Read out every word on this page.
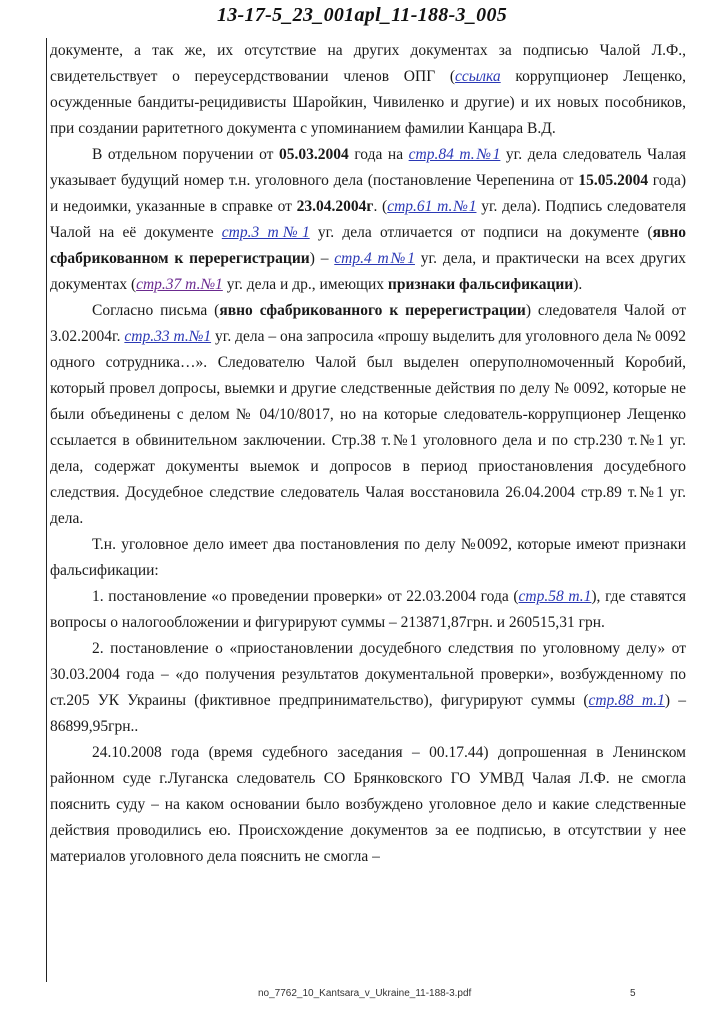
13-17-5_23_001apl_11-188-3_005

документе, а так же, их отсутствие на других документах за подписью Чалой Л.Ф., свидетельствует о переусердствовании членов ОПГ (ссылка коррупционер Лещенко, осужденные бандиты-рецидивисты Шаройкин, Чивиленко и другие) и их новых пособников, при создании раритетного документа с упоминанием фамилии Канцара В.Д.

В отдельном поручении от 05.03.2004 года на стр.84 т.№1 уг. дела следователь Чалая указывает будущий номер т.н. уголовного дела (постановление Черепенина от 15.05.2004 года) и недоимки, указанные в справке от 23.04.2004г. (стр.61 т.№1 уг. дела). Подпись следователя Чалой на её документе стр.3 т№1 уг. дела отличается от подписи на документе (явно сфабрикованном к перерегистрации) – стр.4 т№1 уг. дела, и практически на всех других документах (стр.37 т.№1 уг. дела и др., имеющих признаки фальсификации).

Согласно письма (явно сфабрикованного к перерегистрации) следователя Чалой от 3.02.2004г. стр.33 т.№1 уг. дела – она запросила «прошу выделить для уголовного дела № 0092 одного сотрудника…». Следователю Чалой был выделен оперуполномоченный Коробий, который провел допросы, выемки и другие следственные действия по делу № 0092, которые не были объединены с делом № 04/10/8017, но на которые следователь-коррупционер Лещенко ссылается в обвинительном заключении. Стр.38 т.№1 уголовного дела и по стр.230 т.№1 уг. дела, содержат документы выемок и допросов в период приостановления досудебного следствия. Досудебное следствие следователь Чалая восстановила 26.04.2004 стр.89 т.№1 уг. дела.

Т.н. уголовное дело имеет два постановления по делу №0092, которые имеют признаки фальсификации:

1. постановление «о проведении проверки» от 22.03.2004 года (стр.58 т.1), где ставятся вопросы о налогообложении и фигурируют суммы – 213871,87грн. и 260515,31 грн.

2. постановление о «приостановлении досудебного следствия по уголовному делу» от 30.03.2004 года – «до получения результатов документальной проверки», возбужденному по ст.205 УК Украины (фиктивное предпринимательство), фигурируют суммы (стр.88 т.1) – 86899,95грн..

24.10.2008 года (время судебного заседания – 00.17.44) допрошенная в Ленинском районном суде г.Луганска следователь СО Брянковского ГО УМВД Чалая Л.Ф. не смогла пояснить суду – на каком основании было возбуждено уголовное дело и какие следственные действия проводились ею. Происхождение документов за ее подписью, в отсутствии у нее материалов уголовного дела пояснить не смогла –

no_7762_10_Kantsara_v_Ukraine_11-188-3.pdf	5
